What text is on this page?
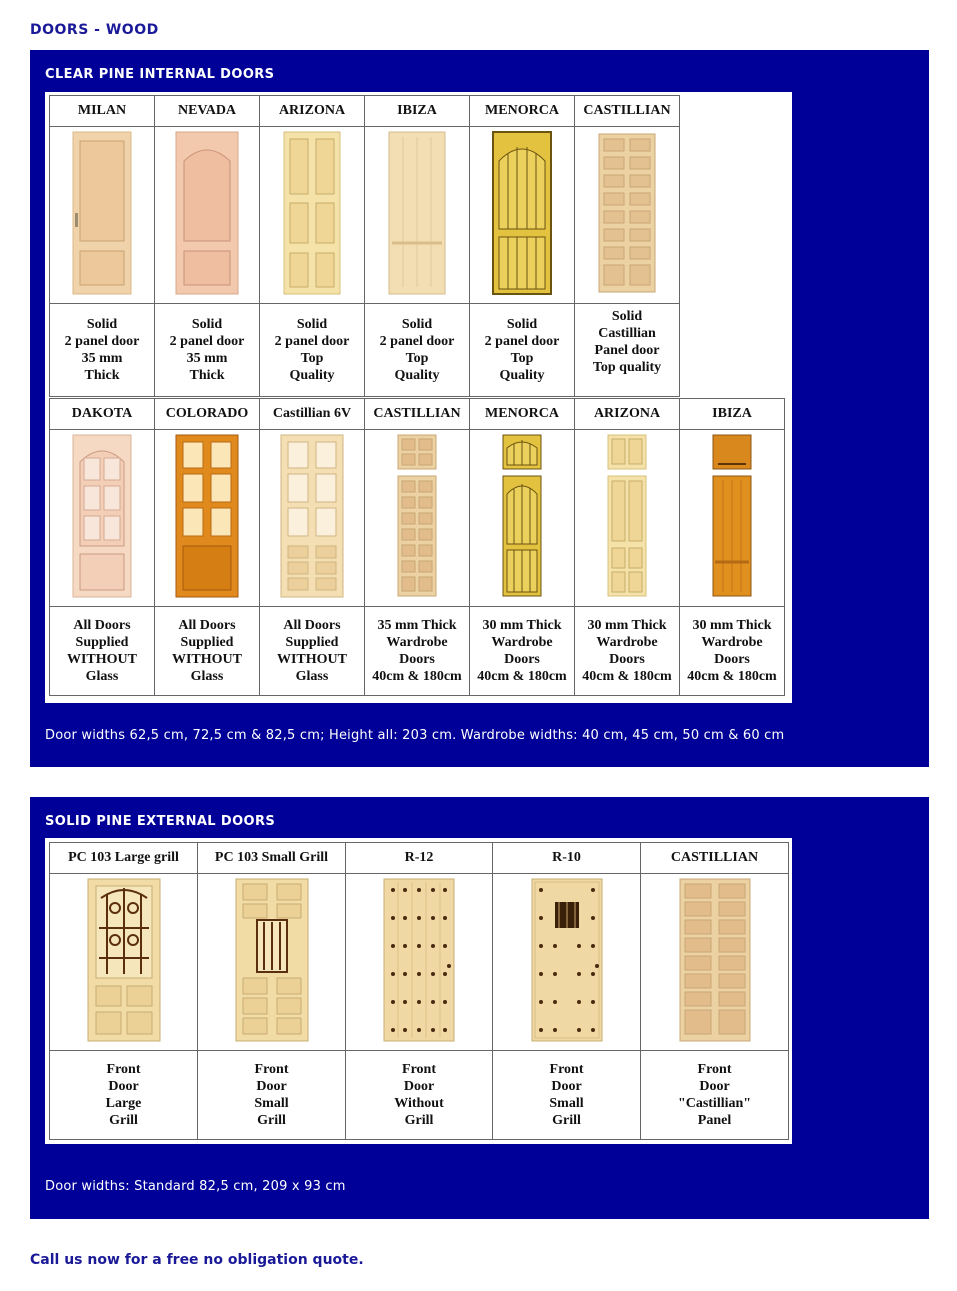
DOORS - WOOD
CLEAR PINE INTERNAL DOORS
MILAN	NEVADA	ARIZONA	IBIZA	MENORCA	CASTILLIAN

Solid
2 panel door
35 mm
Thick	Solid
2 panel door
35 mm
Thick	Solid
2 panel door
Top
Quality	Solid
2 panel door
Top
Quality	Solid
2 panel door
Top
Quality	Solid
Castillian
Panel door
Top quality
DAKOTA	COLORADO	Castillian 6V	CASTILLIAN	MENORCA	ARIZONA	IBIZA

All Doors
Supplied
WITHOUT
Glass	All Doors
Supplied
WITHOUT
Glass	All Doors
Supplied
WITHOUT
Glass	35 mm Thick
Wardrobe
Doors
40cm & 180cm	30 mm Thick
Wardrobe
Doors
40cm & 180cm	30 mm Thick
Wardrobe
Doors
40cm & 180cm	30 mm Thick
Wardrobe
Doors
40cm & 180cm
Door widths 62,5 cm, 72,5 cm & 82,5 cm; Height all: 203 cm. Wardrobe widths: 40 cm, 45 cm, 50 cm & 60 cm
SOLID PINE EXTERNAL DOORS
PC 103 Large grill	PC 103 Small Grill	R-12	R-10	CASTILLIAN

Front
Door
Large
Grill	Front
Door
Small
Grill	Front
Door
Without
Grill	Front
Door
Small
Grill	Front
Door
"Castillian"
Panel
Door widths: Standard 82,5 cm, 209 x 93 cm
Call us now for a free no obligation quote.
